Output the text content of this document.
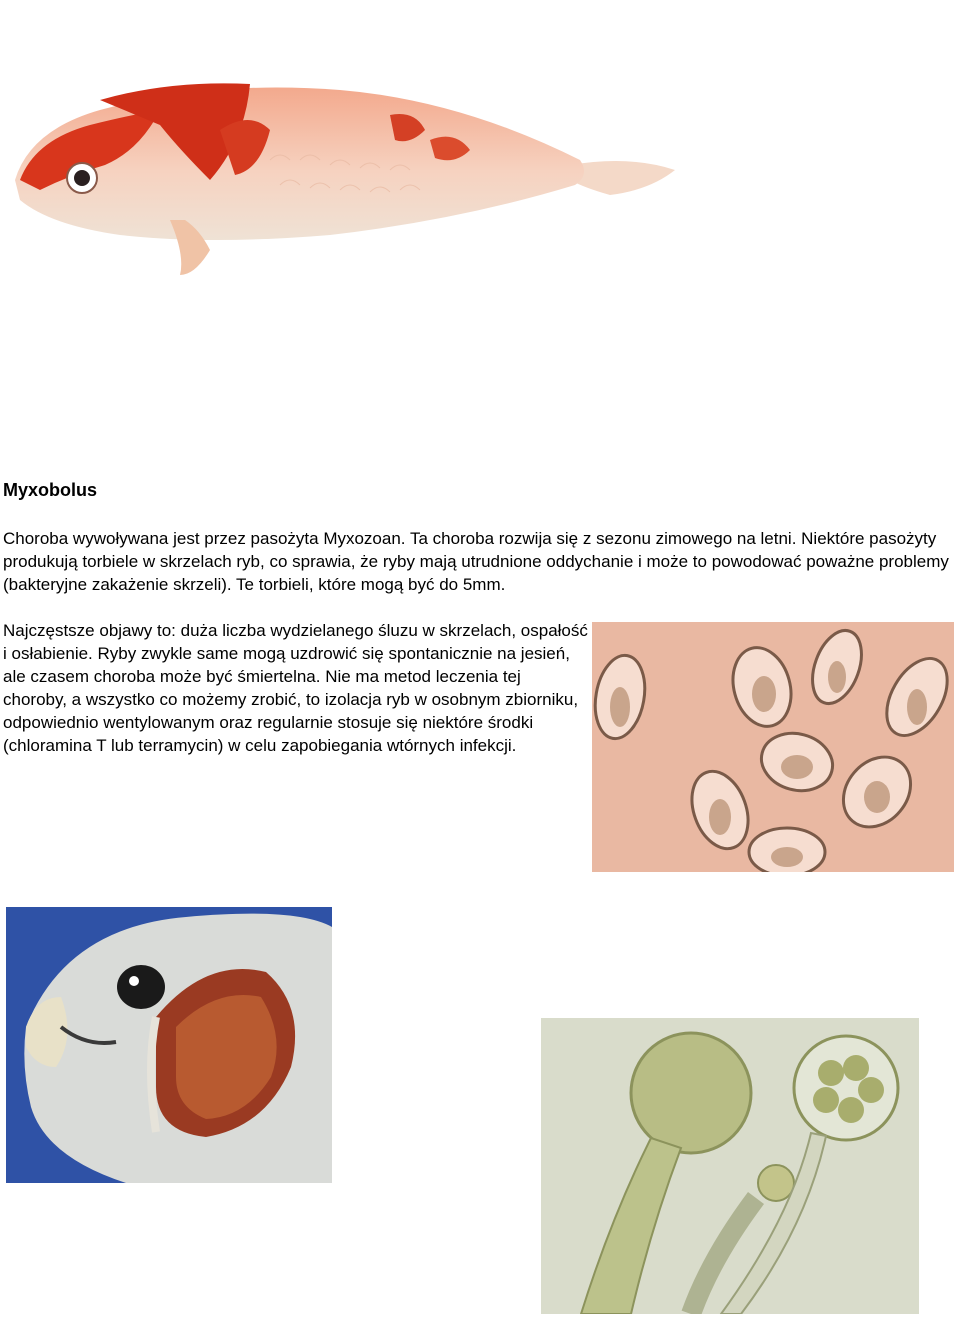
Myxobolus

Choroba wywoływana jest przez pasożyta Myxozoan. Ta choroba rozwija się z sezonu zimowego na letni. Niektóre pasożyty produkują torbiele w skrzelach ryb, co sprawia, że ryby mają utrudnione oddychanie i może to powodować poważne problemy (bakteryjne zakażenie skrzeli). Te torbieli, które mogą być do 5mm.

Najczęstsze objawy to: duża liczba wydzielanego śluzu w skrzelach, ospałość i osłabienie. Ryby zwykle same mogą uzdrowić się spontanicznie na jesień, ale czasem choroba może być śmiertelna. Nie ma metod leczenia tej choroby, a wszystko co możemy zrobić, to izolacja ryb w osobnym zbiorniku, odpowiednio wentylowanym oraz regularnie stosuje się niektóre środki (chloramina T lub terramycin) w celu zapobiegania wtórnych infekcji.
